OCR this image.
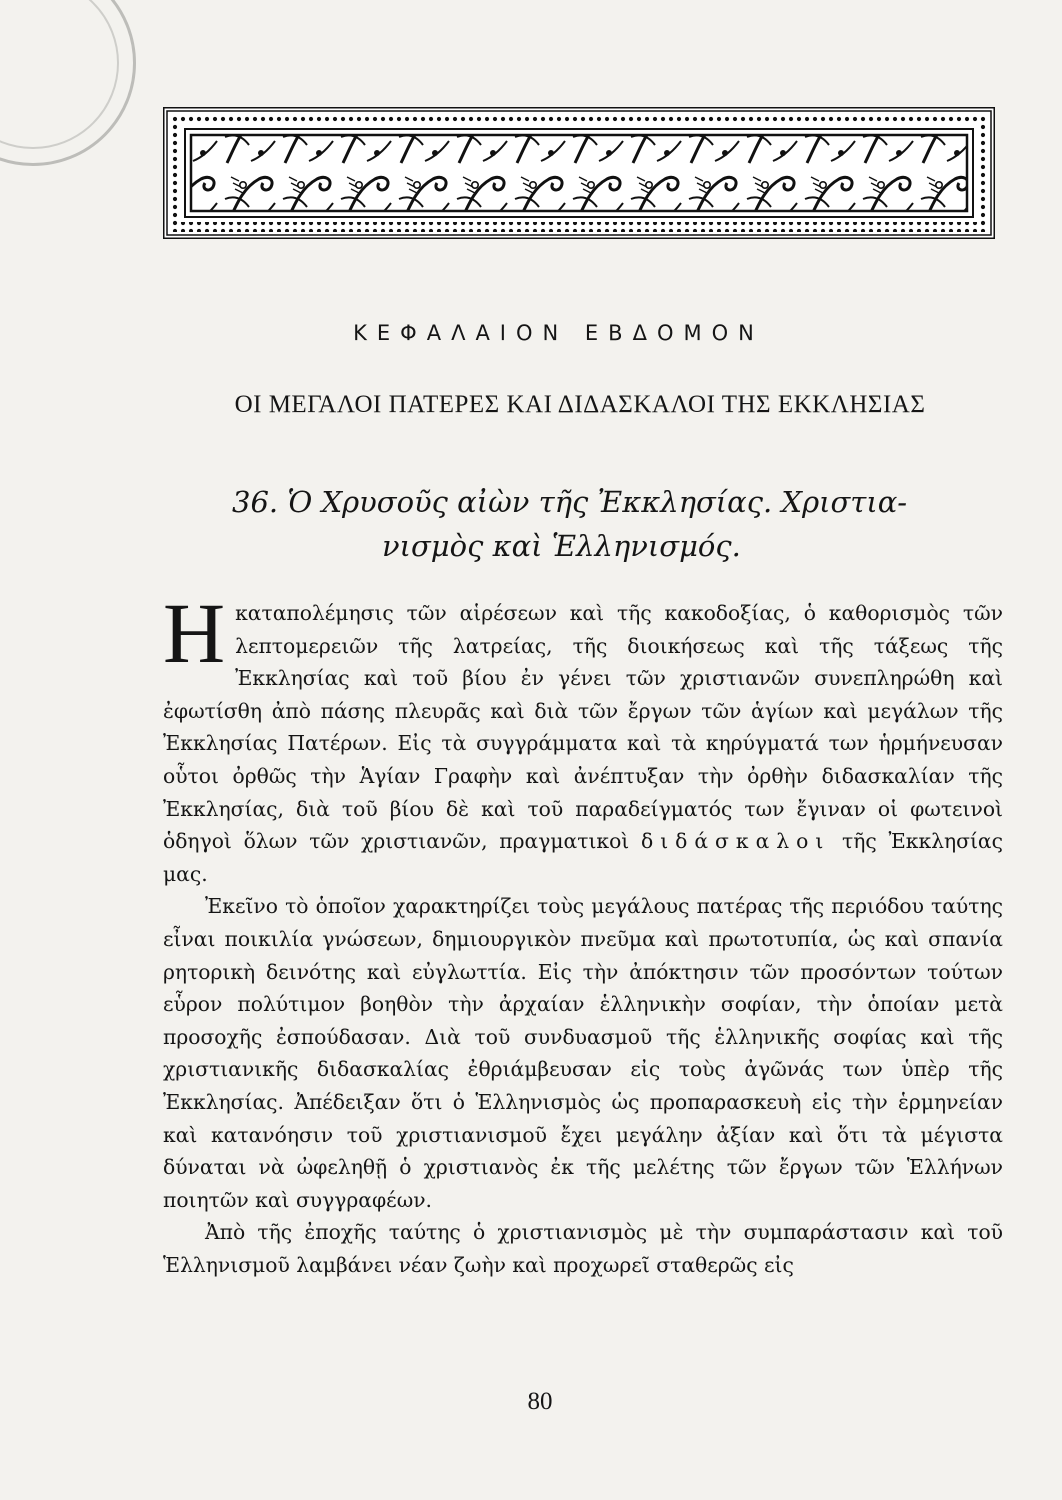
ΚΕΦΑΛΑΙΟΝ ΕΒΔΟΜΟΝ
ΟΙ ΜΕΓΑΛΟΙ ΠΑΤΕΡΕΣ ΚΑΙ ΔΙΔΑΣΚΑΛΟΙ ΤΗΣ ΕΚΚΛΗΣΙΑΣ
36. Ὁ Χρυσοῦς αἰὼν τῆς Ἐκκλησίας. Χριστια-
νισμὸς καὶ Ἑλληνισμός.

Η καταπολέμησις τῶν αἱρέσεων καὶ τῆς κακοδοξίας, ὁ καθορισμὸς τῶν λεπτομερειῶν τῆς λατρείας, τῆς διοικήσεως καὶ τῆς τάξεως τῆς Ἐκκλησίας καὶ τοῦ βίου ἐν γένει τῶν χριστιανῶν συνεπληρώθη καὶ ἐφωτίσθη ἀπὸ πάσης πλευρᾶς καὶ διὰ τῶν ἔργων τῶν ἁγίων καὶ μεγάλων τῆς Ἐκκλησίας Πατέρων. Εἰς τὰ συγγράμματα καὶ τὰ κηρύγματά των ἡρμήνευσαν οὗτοι ὀρθῶς τὴν Ἁγίαν Γραφὴν καὶ ἀνέπτυξαν τὴν ὀρθὴν διδασκαλίαν τῆς Ἐκκλησίας, διὰ τοῦ βίου δὲ καὶ τοῦ παραδείγματός των ἔγιναν οἱ φωτεινοὶ ὁδηγοὶ ὅλων τῶν χριστιανῶν, πραγματικοὶ διδάσκαλοι τῆς Ἐκκλησίας μας.

Ἐκεῖνο τὸ ὁποῖον χαρακτηρίζει τοὺς μεγάλους πατέρας τῆς περιόδου ταύτης εἶναι ποικιλία γνώσεων, δημιουργικὸν πνεῦμα καὶ πρωτοτυπία, ὡς καὶ σπανία ρητορικὴ δεινότης καὶ εὐγλωττία. Εἰς τὴν ἀπόκτησιν τῶν προσόντων τούτων εὗρον πολύτιμον βοηθὸν τὴν ἀρχαίαν ἑλληνικὴν σοφίαν, τὴν ὁποίαν μετὰ προσοχῆς ἐσπούδασαν. Διὰ τοῦ συνδυασμοῦ τῆς ἑλληνικῆς σοφίας καὶ τῆς χριστιανικῆς διδασκαλίας ἐθριάμβευσαν εἰς τοὺς ἀγῶνάς των ὑπὲρ τῆς Ἐκκλησίας. Ἀπέδειξαν ὅτι ὁ Ἑλληνισμὸς ὡς προπαρασκευὴ εἰς τὴν ἑρμηνείαν καὶ κατανόησιν τοῦ χριστιανισμοῦ ἔχει μεγάλην ἀξίαν καὶ ὅτι τὰ μέγιστα δύναται νὰ ὠφεληθῇ ὁ χριστιανὸς ἐκ τῆς μελέτης τῶν ἔργων τῶν Ἑλλήνων ποιητῶν καὶ συγγραφέων.

Ἀπὸ τῆς ἐποχῆς ταύτης ὁ χριστιανισμὸς μὲ τὴν συμπαράστασιν καὶ τοῦ Ἑλληνισμοῦ λαμβάνει νέαν ζωὴν καὶ προχωρεῖ σταθερῶς εἰς

80
